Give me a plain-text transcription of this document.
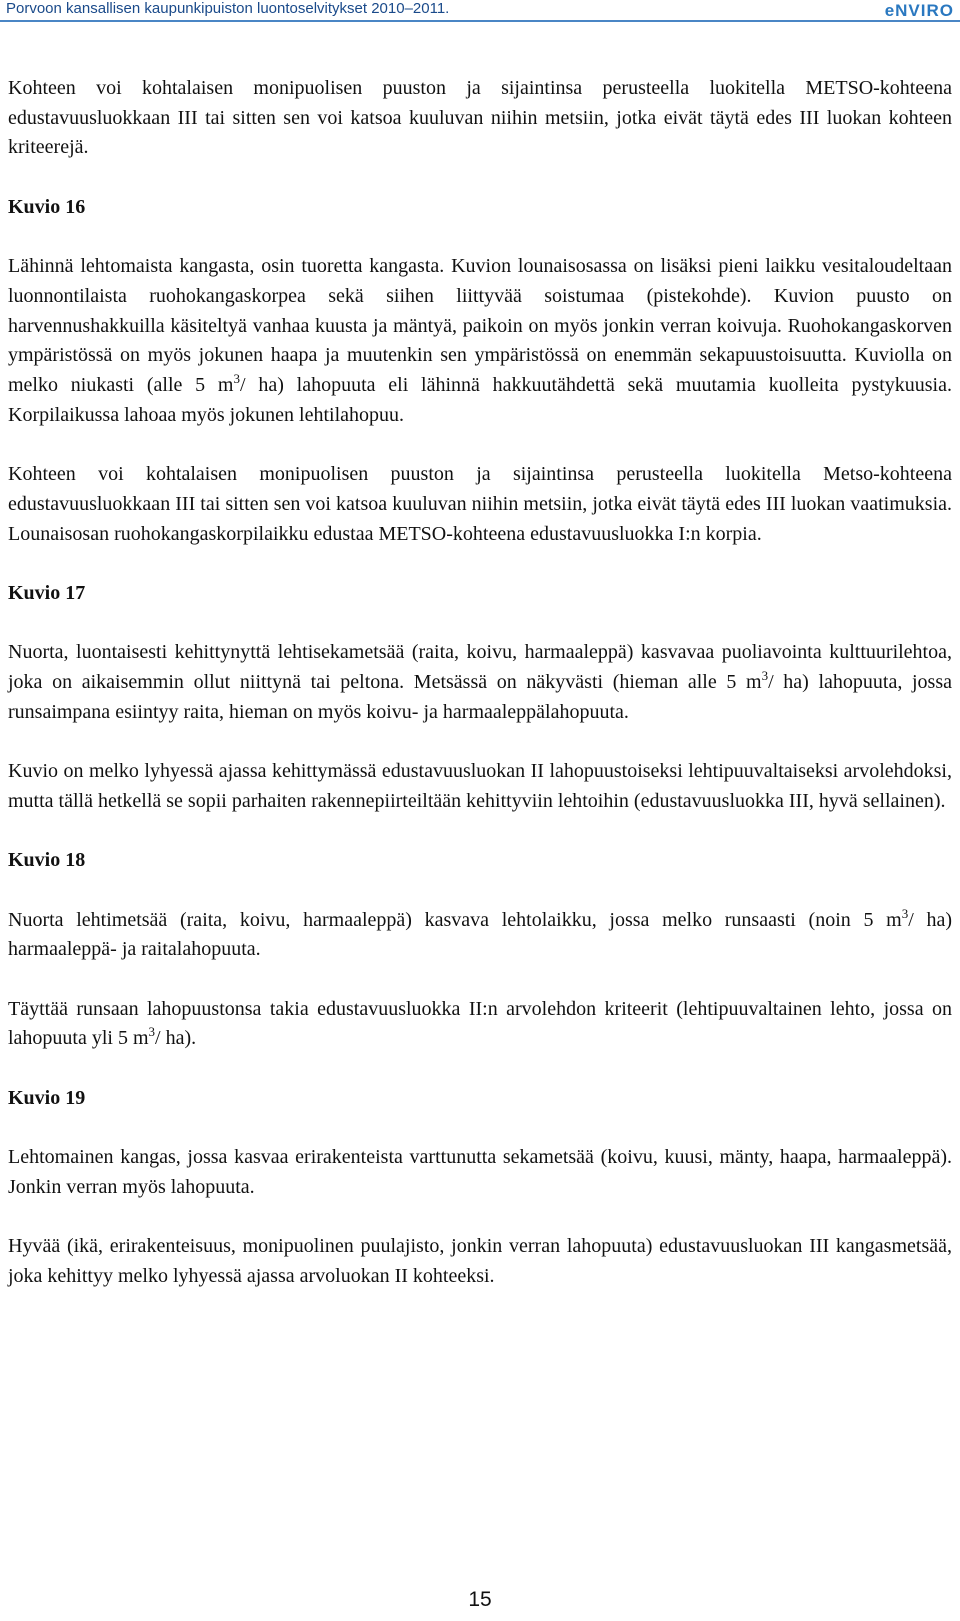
Porvoon kansallisen kaupunkipuiston luontoselvitykset 2010–2011.	eNVIRO

Kohteen voi kohtalaisen monipuolisen puuston ja sijaintinsa perusteella luokitella METSO-kohteena edustavuusluokkaan III tai sitten sen voi katsoa kuuluvan niihin metsiin, jotka eivät täytä edes III luokan kohteen kriteerejä.

Kuvio 16

Lähinnä lehtomaista kangasta, osin tuoretta kangasta. Kuvion lounaisosassa on lisäksi pieni laikku vesitaloudeltaan luonnontilaista ruohokangaskorpea sekä siihen liittyvää soistumaa (pistekohde). Kuvion puusto on harvennushakkuilla käsiteltyä vanhaa kuusta ja mäntyä, paikoin on myös jonkin verran koivuja. Ruohokangaskorven ympäristössä on myös jokunen haapa ja muutenkin sen ympäristössä on enemmän sekapuustoisuutta. Kuviolla on melko niukasti (alle 5 $m^3/$ ha) lahopuuta eli lähinnä hakkuutähdettä sekä muutamia kuolleita pystykuusia. Korpilaikussa lahoaa myös jokunen lehtilahopuu.

Kohteen voi kohtalaisen monipuolisen puuston ja sijaintinsa perusteella luokitella Metso-kohteena edustavuusluokkaan III tai sitten sen voi katsoa kuuluvan niihin metsiin, jotka eivät täytä edes III luokan vaatimuksia. Lounaisosan ruohokangaskorpilaikku edustaa METSO-kohteena edustavuusluokka I:n korpia.

Kuvio 17

Nuorta, luontaisesti kehittynyttä lehtisekametsää (raita, koivu, harmaaleppä) kasvavaa puoliavointa kulttuurilehtoa, joka on aikaisemmin ollut niittynä tai peltona. Metsässä on näkyvästi (hieman alle 5 $m^3/$ ha) lahopuuta, jossa runsaimpana esiintyy raita, hieman on myös koivu- ja harmaaleppälahopuuta.

Kuvio on melko lyhyessä ajassa kehittymässä edustavuusluokan II lahopuustoiseksi lehtipuuvaltaiseksi arvolehdoksi, mutta tällä hetkellä se sopii parhaiten rakennepiirteiltään kehittyviin lehtoihin (edustavuusluokka III, hyvä sellainen).

Kuvio 18

Nuorta lehtimetsää (raita, koivu, harmaaleppä) kasvava lehtolaikku, jossa melko runsaasti (noin 5 $m^3/$ ha) harmaaleppä- ja raitalahopuuta.

Täyttää runsaan lahopuustonsa takia edustavuusluokka II:n arvolehdon kriteerit (lehtipuuvaltainen lehto, jossa on lahopuuta yli 5 $m^3/$ ha).

Kuvio 19

Lehtomainen kangas, jossa kasvaa erirakenteista varttunutta sekametsää (koivu, kuusi, mänty, haapa, harmaaleppä). Jonkin verran myös lahopuuta.

Hyvää (ikä, erirakenteisuus, monipuolinen puulajisto, jonkin verran lahopuuta) edustavuusluokan III kangasmetsää, joka kehittyy melko lyhyessä ajassa arvoluokan II kohteeksi.

15
